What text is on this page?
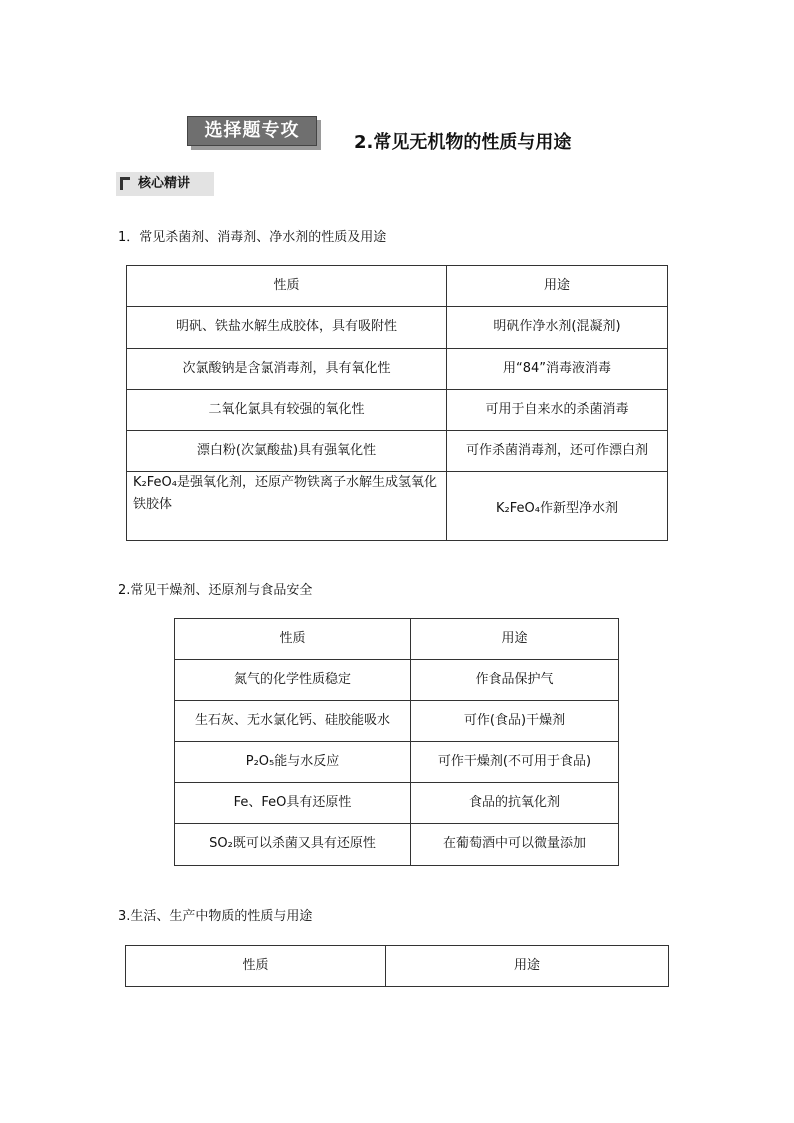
选择题专攻
2.常见无机物的性质与用途
核心精讲
1．常见杀菌剂、消毒剂、净水剂的性质及用途
性质	用途
明矾、铁盐水解生成胶体，具有吸附性	明矾作净水剂(混凝剂)
次氯酸钠是含氯消毒剂，具有氧化性	用“84”消毒液消毒
二氧化氯具有较强的氧化性	可用于自来水的杀菌消毒
漂白粉(次氯酸盐)具有强氧化性	可作杀菌消毒剂，还可作漂白剂
K₂FeO₄是强氧化剂，还原产物铁离子水解生成氢氧化铁胶体	K₂FeO₄作新型净水剂
2.常见干燥剂、还原剂与食品安全
性质	用途
氮气的化学性质稳定	作食品保护气
生石灰、无水氯化钙、硅胶能吸水	可作(食品)干燥剂
P₂O₅能与水反应	可作干燥剂(不可用于食品)
Fe、FeO具有还原性	食品的抗氧化剂
SO₂既可以杀菌又具有还原性	在葡萄酒中可以微量添加
3.生活、生产中物质的性质与用途
性质	用途
